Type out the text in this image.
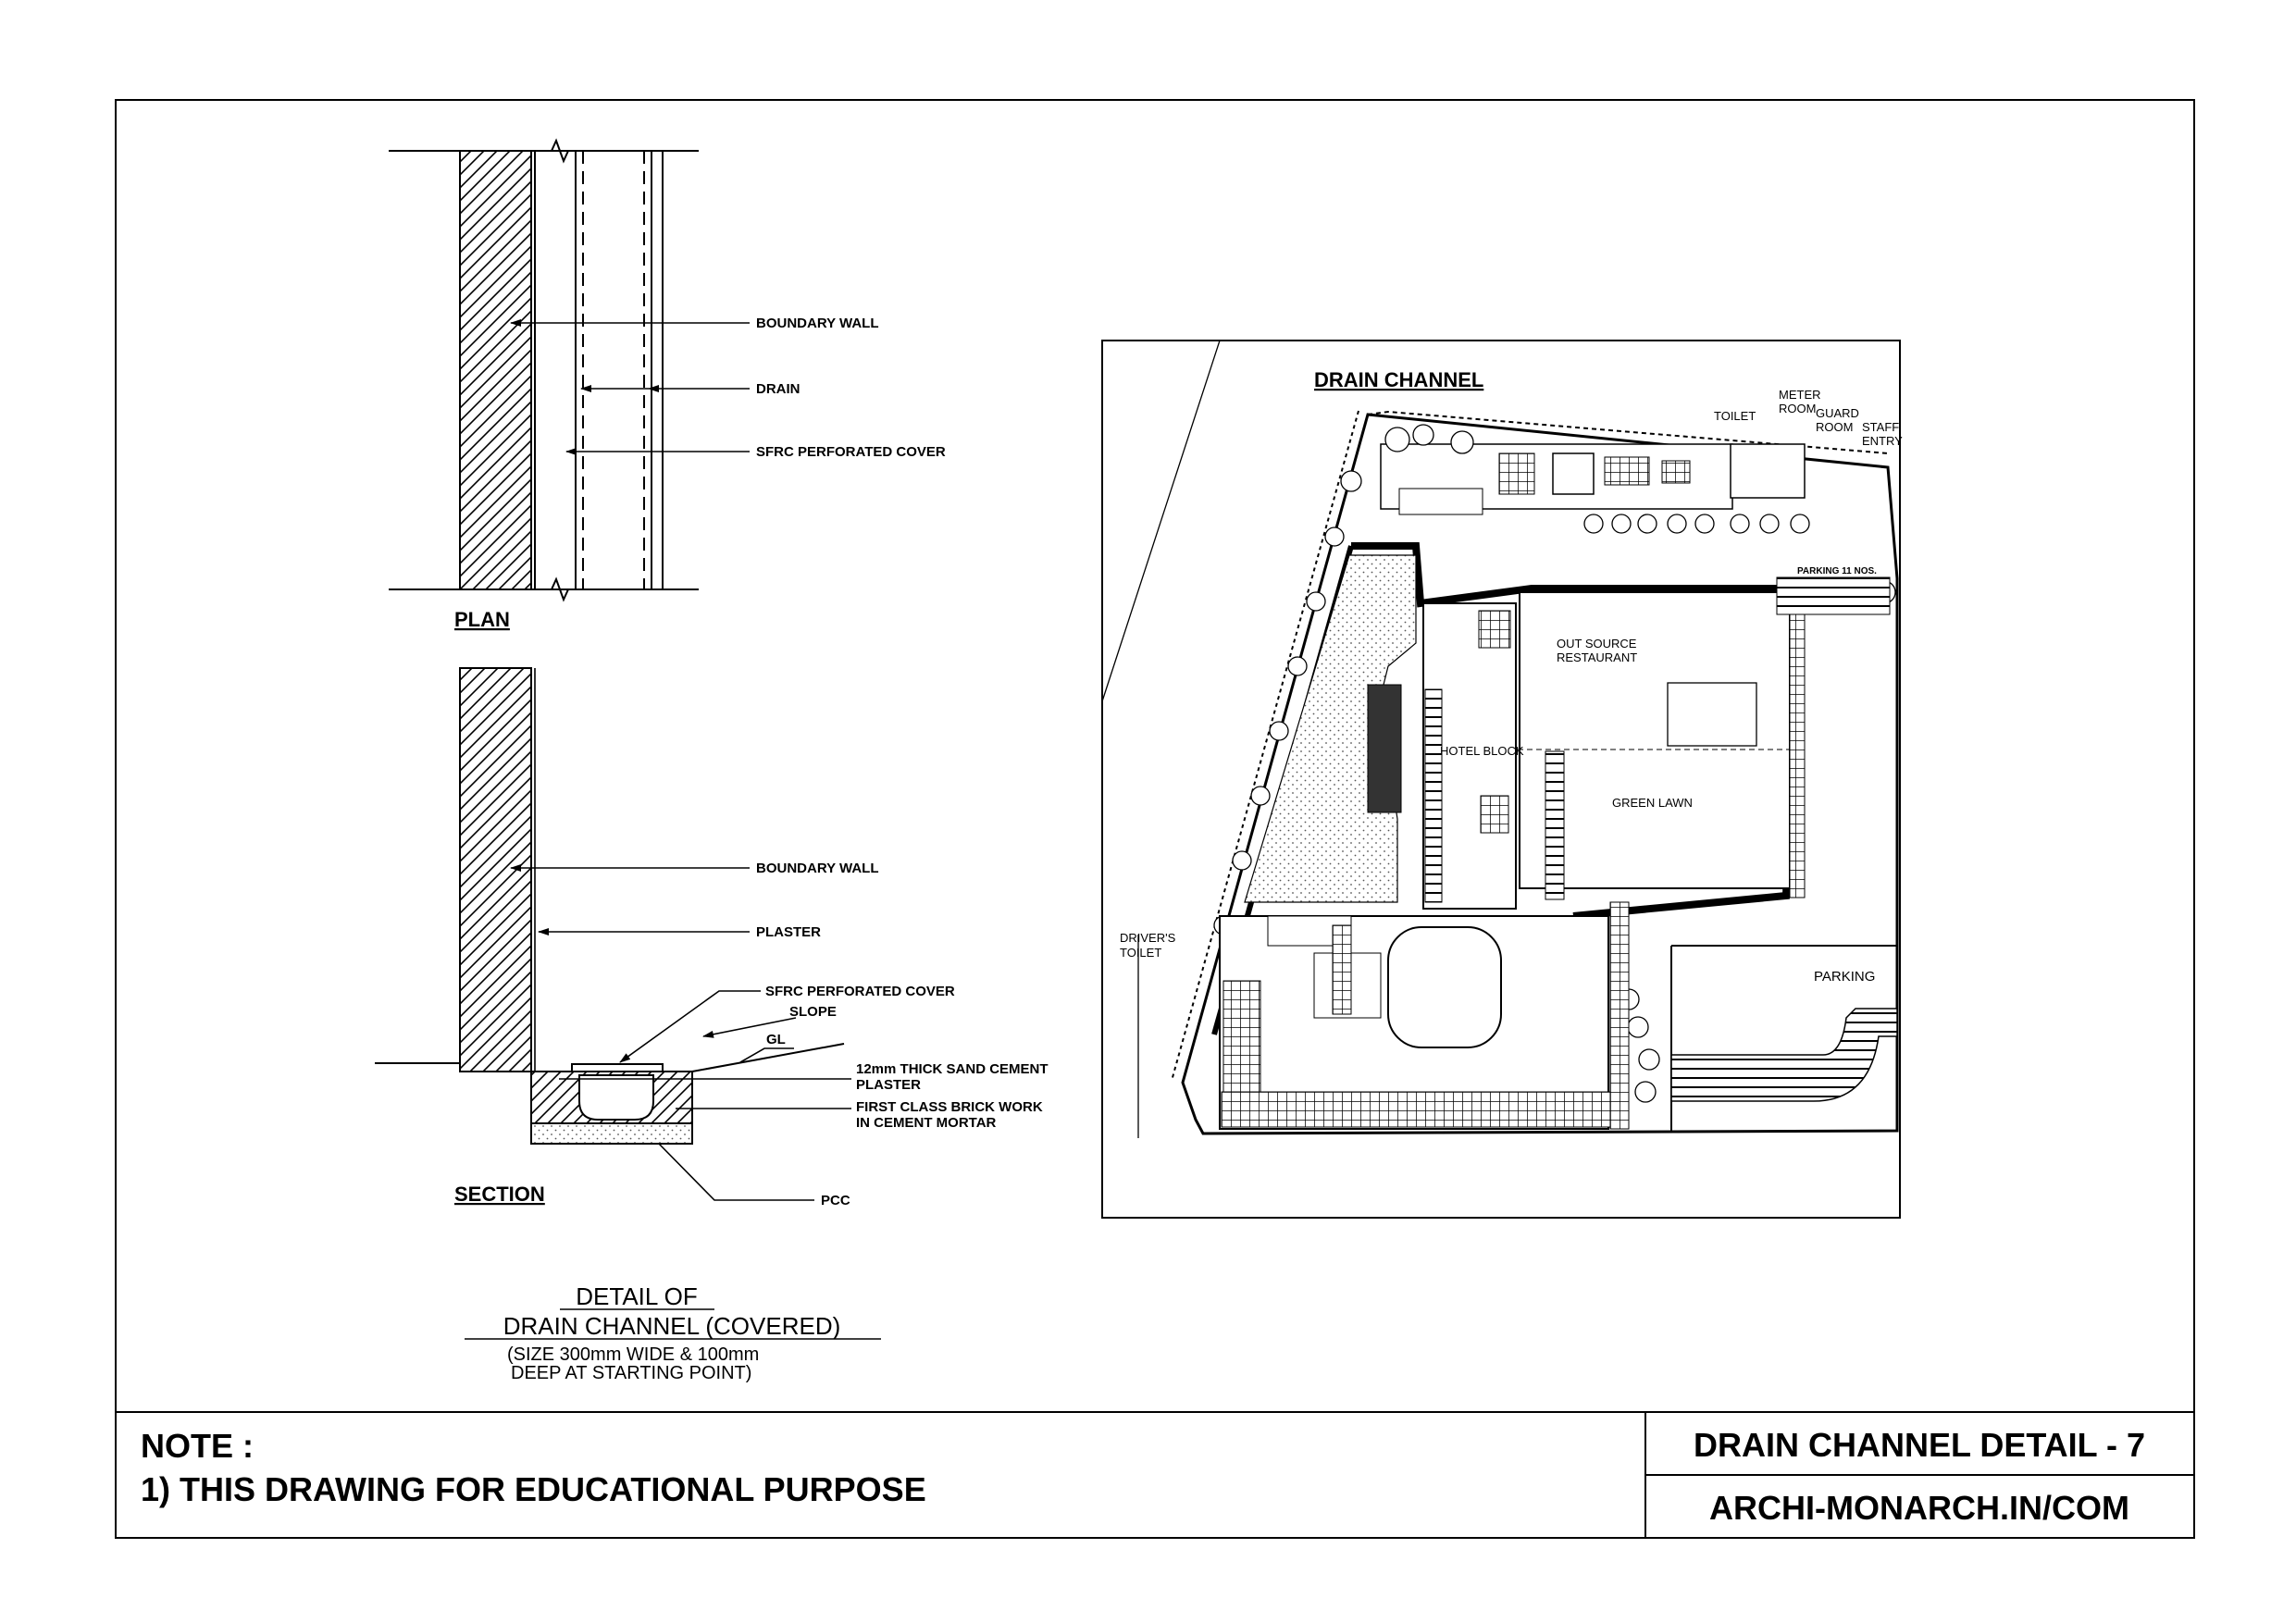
BOUNDARY WALL
DRAIN
SFRC PERFORATED COVER
PLAN
BOUNDARY WALL
PLASTER
SFRC PERFORATED COVER
SLOPE
GL
12mm THICK SAND CEMENT
PLASTER
FIRST CLASS BRICK WORK
IN CEMENT MORTAR
PCC
SECTION
DETAIL OF
DRAIN CHANNEL (COVERED)
(SIZE 300mm WIDE & 100mm
DEEP AT STARTING POINT)
DRAIN CHANNEL
TOILET
METER
ROOM GUARD
ROOM STAFF
ENTRY
PARKING 11 NOS.
OUT SOURCE
RESTAURANT
HOTEL BLOCK
GREEN LAWN
DRIVER'S
TOILET
PARKING
NOTE :
1) THIS DRAWING FOR EDUCATIONAL PURPOSE
DRAIN CHANNEL DETAIL - 7
ARCHI-MONARCH.IN/COM
